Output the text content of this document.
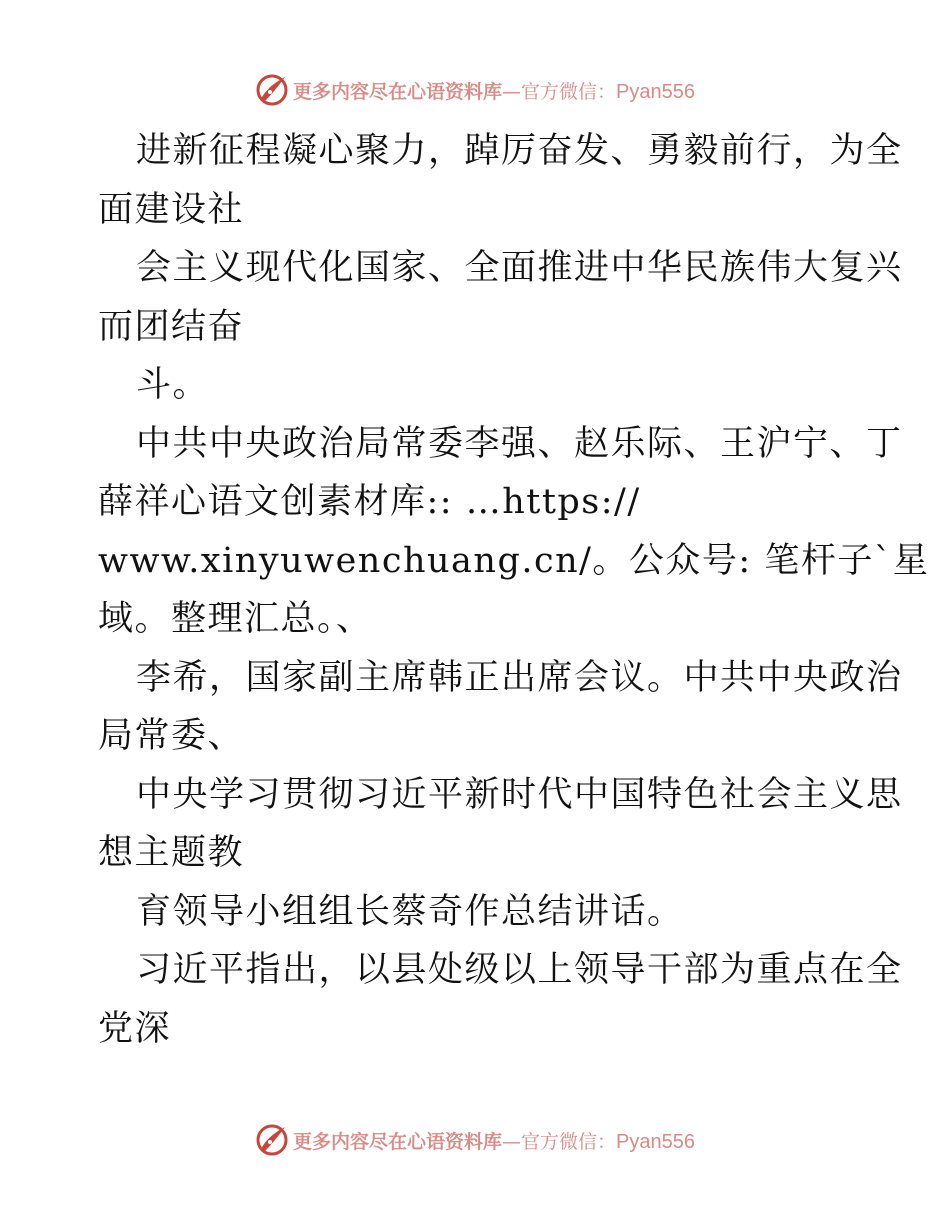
更多内容尽在心语资料库—官方微信：Pyan556
进新征程凝心聚力，踔厉奋发、勇毅前行，为全
面建设社
会主义现代化国家、全面推进中华民族伟大复兴
而团结奋
斗。
中共中央政治局常委李强、赵乐际、王沪宁、丁
薛祥心语文创素材库:: …https://
www.xinyuwenchuang.cn/。公众号: 笔杆子`星
域。整理汇总。、
李希，国家副主席韩正出席会议。中共中央政治
局常委、
中央学习贯彻习近平新时代中国特色社会主义思
想主题教
育领导小组组长蔡奇作总结讲话。
习近平指出，以县处级以上领导干部为重点在全
党深
更多内容尽在心语资料库—官方微信：Pyan556
